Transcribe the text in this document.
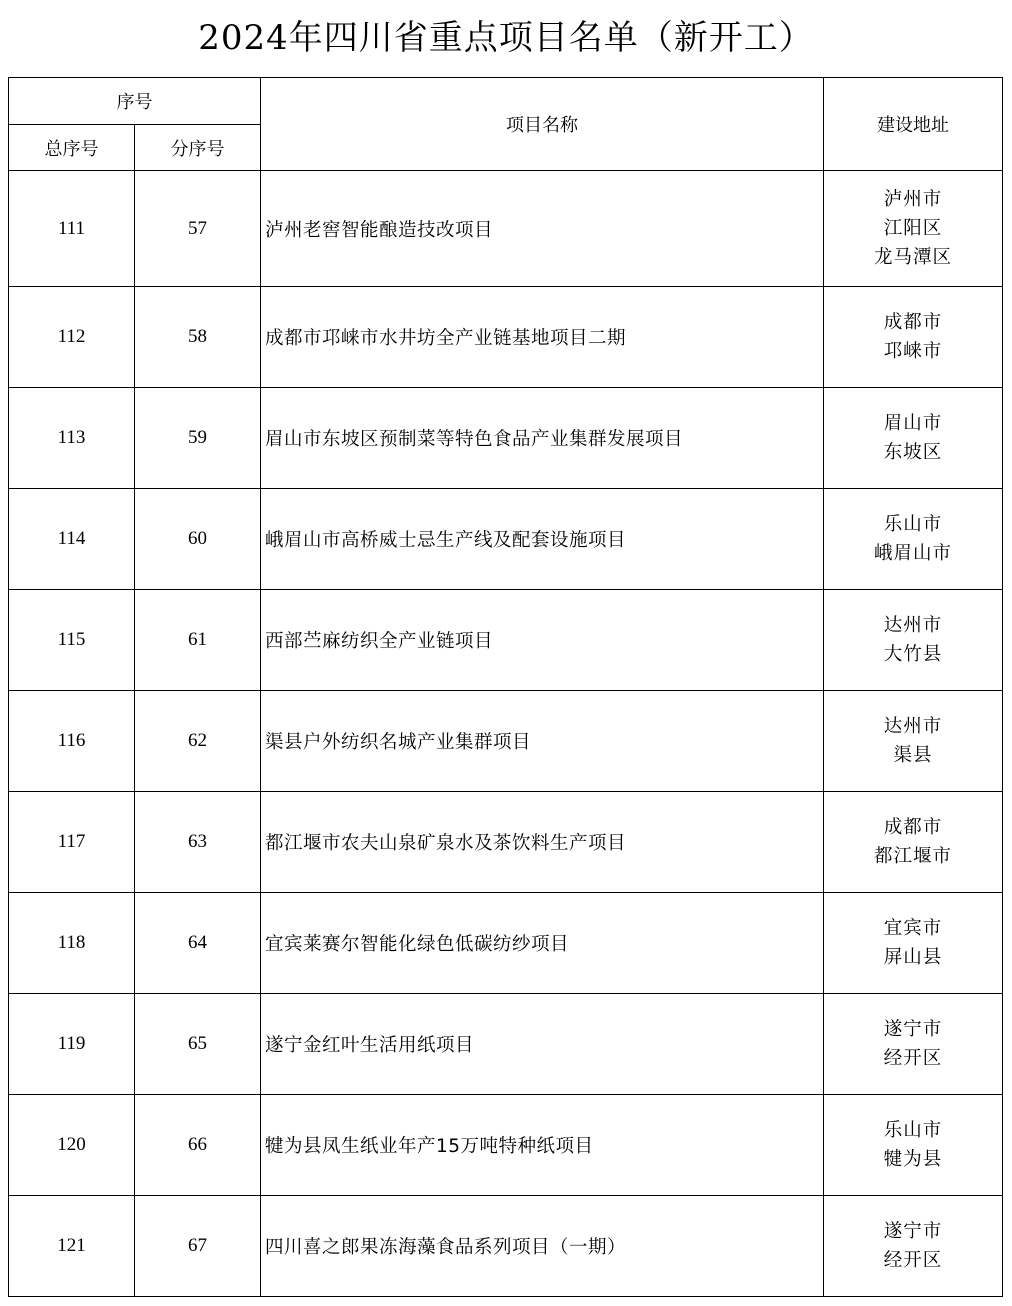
2024年四川省重点项目名单（新开工）
序号		项目名称	建设地址
总序号	分序号		
111	57	泸州老窖智能酿造技改项目	泸州市
江阳区
龙马潭区

112	58	成都市邛崃市水井坊全产业链基地项目二期	成都市
邛崃市

113	59	眉山市东坡区预制菜等特色食品产业集群发展项目	眉山市
东坡区

114	60	峨眉山市高桥威士忌生产线及配套设施项目	乐山市
峨眉山市

115	61	西部苎麻纺织全产业链项目	达州市
大竹县

116	62	渠县户外纺织名城产业集群项目	达州市
渠县

117	63	都江堰市农夫山泉矿泉水及茶饮料生产项目	成都市
都江堰市

118	64	宜宾莱赛尔智能化绿色低碳纺纱项目	宜宾市
屏山县

119	65	遂宁金红叶生活用纸项目	遂宁市
经开区

120	66	犍为县凤生纸业年产15万吨特种纸项目	乐山市
犍为县

121	67	四川喜之郎果冻海藻食品系列项目（一期）	遂宁市
经开区
